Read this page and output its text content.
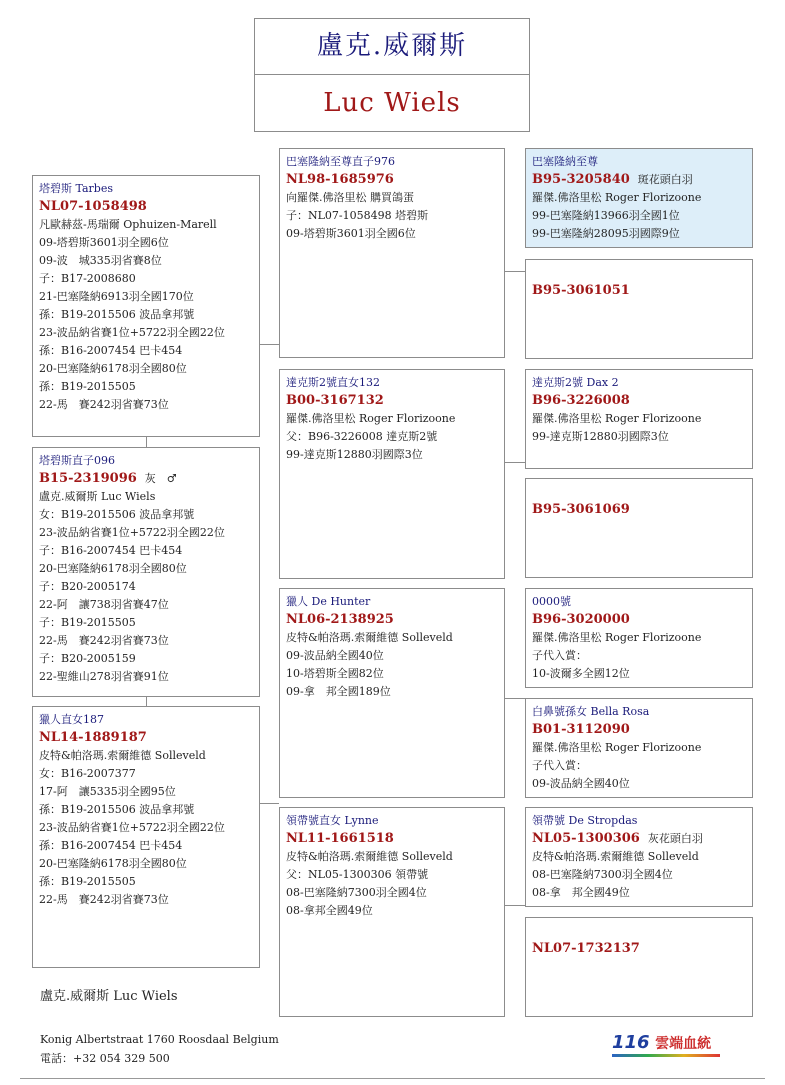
盧克.威爾斯
Luc Wiels
塔碧斯 Tarbes
NL07-1058498
凡歐赫茲-馬瑞爾 Ophuizen-Marell
09-塔碧斯3601羽全國6位
09-波　城335羽省賽8位
子：B17-2008680
21-巴塞隆納6913羽全國170位
孫：B19-2015506 波品拿邦號
23-波品納省賽1位+5722羽全國22位
孫：B16-2007454 巴卡454
20-巴塞隆納6178羽全國80位
孫：B19-2015505
22-馬　賽242羽省賽73位
塔碧斯直子096
B15-2319096 灰　♂
盧克.威爾斯 Luc Wiels
女：B19-2015506 波品拿邦號
23-波品納省賽1位+5722羽全國22位
子：B16-2007454 巴卡454
20-巴塞隆納6178羽全國80位
子：B20-2005174
22-阿　讓738羽省賽47位
子：B19-2015505
22-馬　賽242羽省賽73位
子：B20-2005159
22-聖維山278羽省賽91位
獵人直女187
NL14-1889187
皮特&帕洛瑪.索爾維德 Solleveld
女：B16-2007377
17-阿　讓5335羽全國95位
孫：B19-2015506 波品拿邦號
23-波品納省賽1位+5722羽全國22位
孫：B16-2007454 巴卡454
20-巴塞隆納6178羽全國80位
孫：B19-2015505
22-馬　賽242羽省賽73位
巴塞隆納至尊直子976
NL98-1685976
向羅傑.佛洛里松 購買鴿蛋
子：NL07-1058498 塔碧斯
09-塔碧斯3601羽全國6位
達克斯2號直女132
B00-3167132
羅傑.佛洛里松 Roger Florizoone
父：B96-3226008 達克斯2號
99-達克斯12880羽國際3位
獵人 De Hunter
NL06-2138925
皮特&帕洛瑪.索爾維德 Solleveld
09-波品納全國40位
10-塔碧斯全國82位
09-拿　邦全國189位
領帶號直女 Lynne
NL11-1661518
皮特&帕洛瑪.索爾維德 Solleveld
父：NL05-1300306 領帶號
08-巴塞隆納7300羽全國4位
08-拿邦全國49位
巴塞隆納至尊
B95-3205840 斑花頭白羽
羅傑.佛洛里松 Roger Florizoone
99-巴塞隆納13966羽全國1位
99-巴塞隆納28095羽國際9位
B95-3061051
達克斯2號 Dax 2
B96-3226008
羅傑.佛洛里松 Roger Florizoone
99-達克斯12880羽國際3位
B95-3061069
0000號
B96-3020000
羅傑.佛洛里松 Roger Florizoone
子代入賞：
10-波爾多全國12位
白鼻號孫女 Bella Rosa
B01-3112090
羅傑.佛洛里松 Roger Florizoone
子代入賞：
09-波品納全國40位
領帶號 De Stropdas
NL05-1300306 灰花頭白羽
皮特&帕洛瑪.索爾維德 Solleveld
08-巴塞隆納7300羽全國4位
08-拿　邦全國49位
NL07-1732137
盧克.威爾斯 Luc Wiels
Konig Albertstraat 1760 Roosdaal Belgium
電話：+32 054 329 500
116 雲端血統
